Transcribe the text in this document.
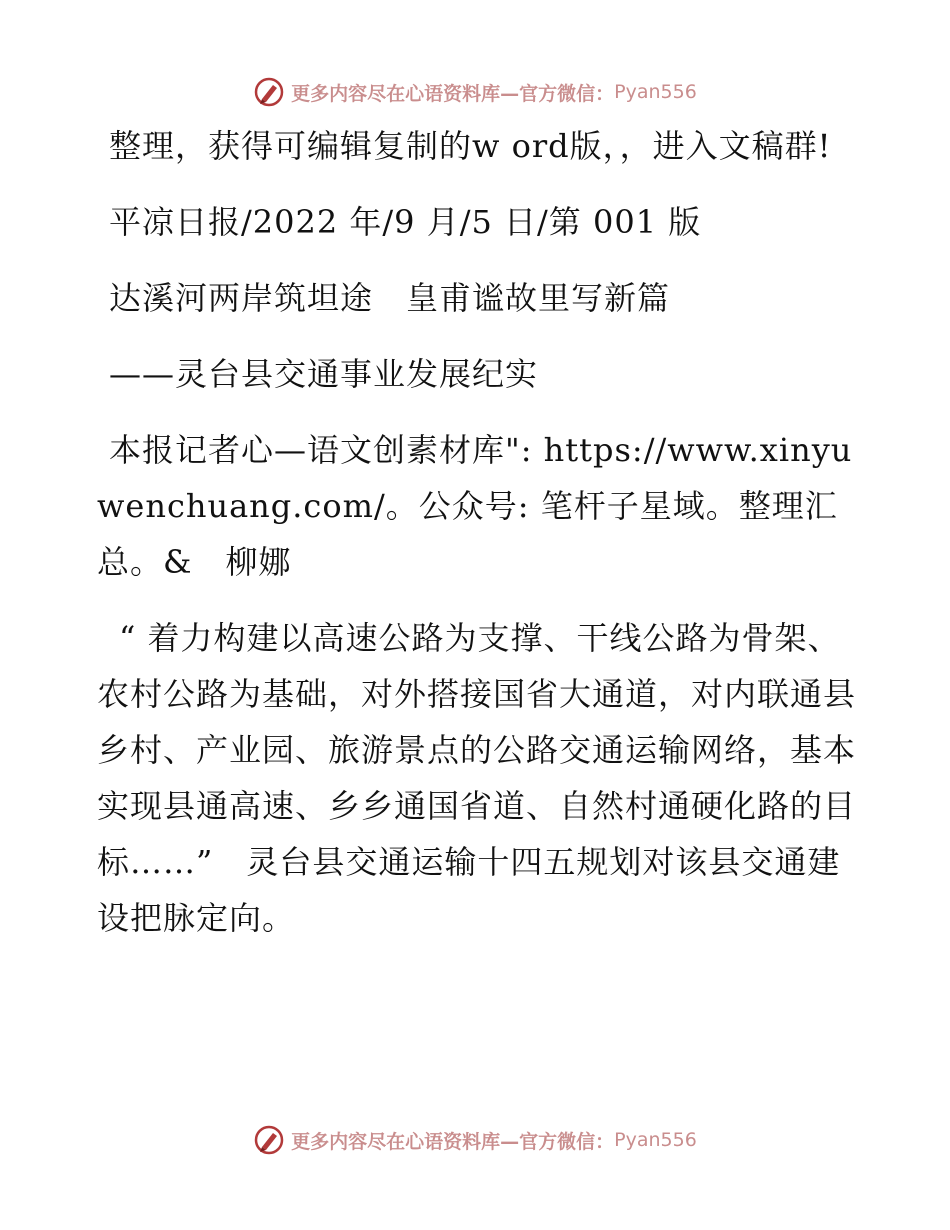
更多内容尽在心语资料库—官方微信： Pyan556

整理，获得可编辑复制的w ord版，，进入文稿群!

平凉日报/2022 年/9 月/5 日/第 001 版

达溪河两岸筑坦途　皇甫谧故里写新篇

——灵台县交通事业发展纪实

本报记者心—语文创素材库": https://www.xinyuwenchuang.com/。公众号: 笔杆子星域。整理汇总。&　柳娜

“ 着力构建以高速公路为支撑、干线公路为骨架、农村公路为基础，对外搭接国省大通道，对内联通县乡村、产业园、旅游景点的公路交通运输网络，基本实现县通高速、乡乡通国省道、自然村通硬化路的目标……”　灵台县交通运输十四五规划对该县交通建设把脉定向。

更多内容尽在心语资料库—官方微信： Pyan556
